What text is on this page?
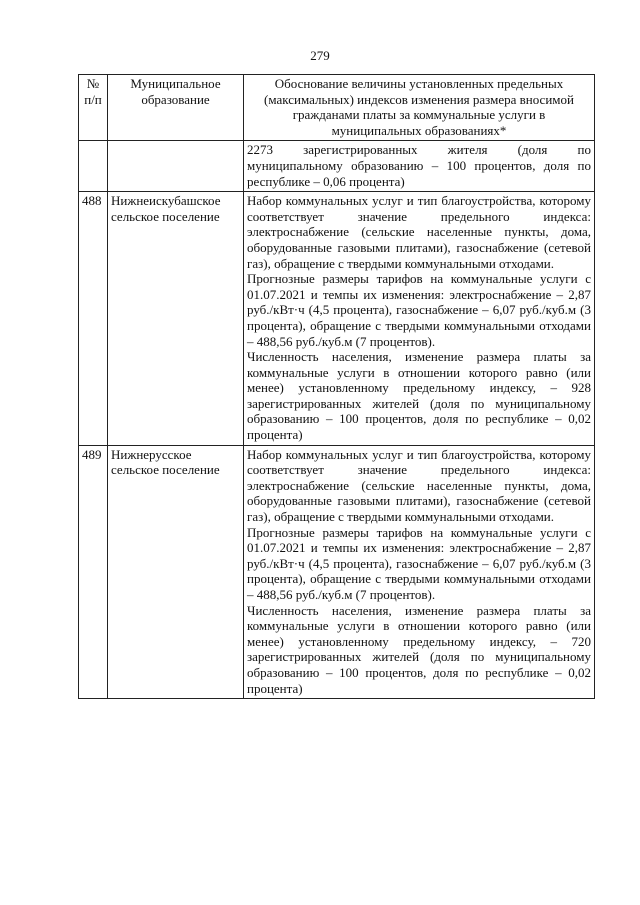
279
№ п/п	Муниципальное образование	Обоснование величины установленных предельных (максимальных) индексов изменения размера вносимой гражданами платы за коммунальные услуги в муниципальных образованиях*

		2273 зарегистрированных жителя (доля по

муниципальному образованию – 100 процентов, доля по республике – 0,06 процента)

488	Нижнеискубашское сельское поселение	Набор коммунальных услуг и тип благоустройства, которому соответствует значение предельного индекса: электроснабжение (сельские населенные пункты, дома, оборудованные газовыми плитами), газоснабжение (сетевой газ), обращение с твердыми коммунальными отходами.

Прогнозные размеры тарифов на коммунальные услуги с 01.07.2021 и темпы их изменения: электроснабжение – 2,87 руб./кВт·ч (4,5 процента), газоснабжение – 6,07 руб./куб.м (3 процента), обращение с твердыми коммунальными отходами – 488,56 руб./куб.м (7 процентов).

Численность населения, изменение размера платы за коммунальные услуги в отношении которого равно (или менее) установленному предельному индексу, – 928 зарегистрированных жителей (доля по муниципальному образованию – 100 процентов, доля по республике – 0,02 процента)

489	Нижнерусское сельское поселение	Набор коммунальных услуг и тип благоустройства, которому соответствует значение предельного индекса: электроснабжение (сельские населенные пункты, дома, оборудованные газовыми плитами), газоснабжение (сетевой газ), обращение с твердыми коммунальными отходами.

Прогнозные размеры тарифов на коммунальные услуги с 01.07.2021 и темпы их изменения: электроснабжение – 2,87 руб./кВт·ч (4,5 процента), газоснабжение – 6,07 руб./куб.м (3 процента), обращение с твердыми коммунальными отходами – 488,56 руб./куб.м (7 процентов).

Численность населения, изменение размера платы за коммунальные услуги в отношении которого равно (или менее) установленному предельному индексу, – 720 зарегистрированных жителей (доля по муниципальному образованию – 100 процентов, доля по республике – 0,02 процента)
